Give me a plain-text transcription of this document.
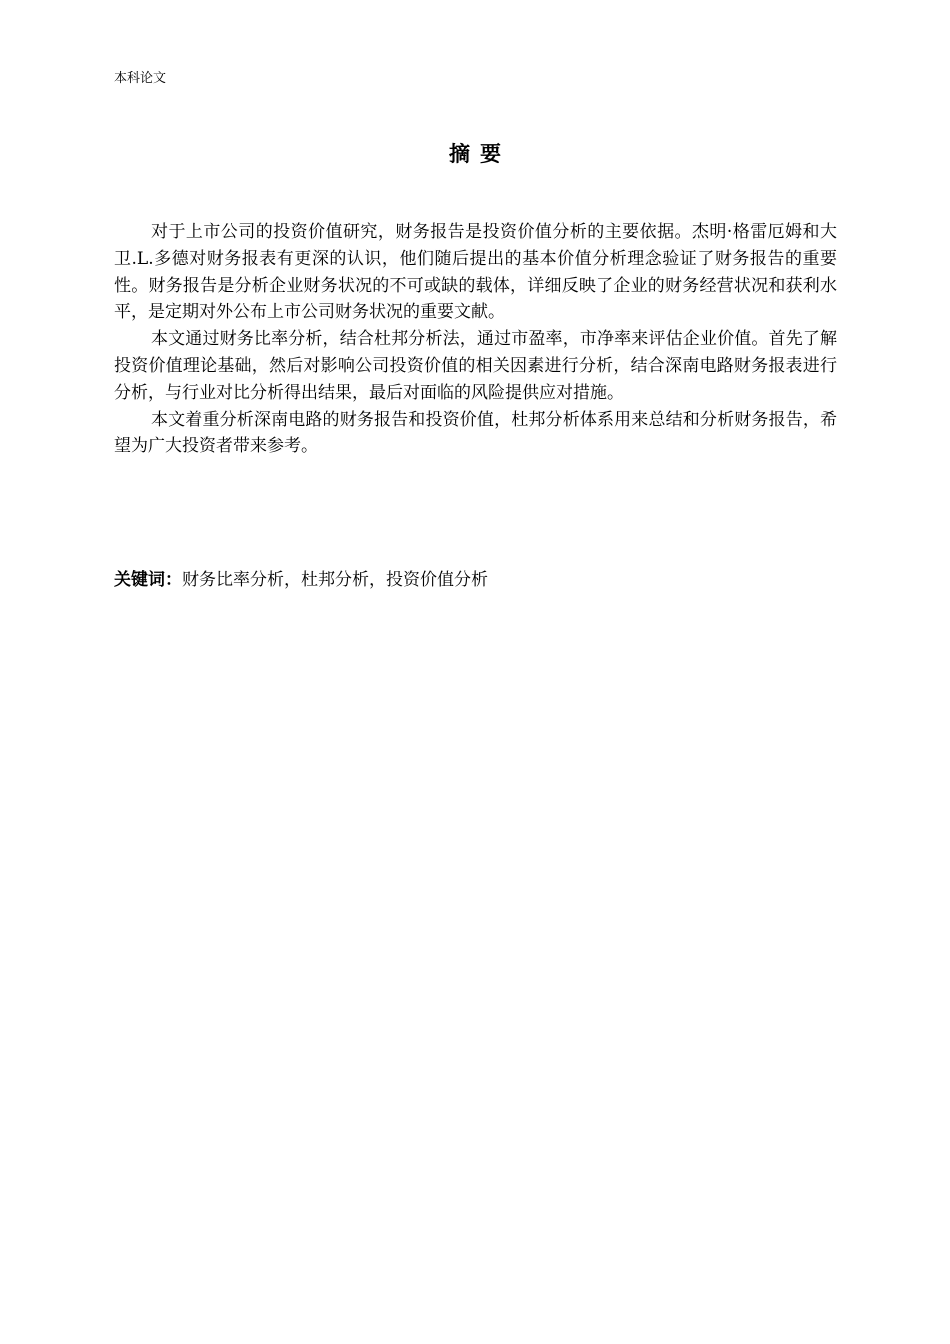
本科论文
摘要

对于上市公司的投资价值研究，财务报告是投资价值分析的主要依据。杰明·格雷厄姆和大卫.L.多德对财务报表有更深的认识，他们随后提出的基本价值分析理念验证了财务报告的重要性。财务报告是分析企业财务状况的不可或缺的载体，详细反映了企业的财务经营状况和获利水平，是定期对外公布上市公司财务状况的重要文献。

本文通过财务比率分析，结合杜邦分析法，通过市盈率，市净率来评估企业价值。首先了解投资价值理论基础，然后对影响公司投资价值的相关因素进行分析，结合深南电路财务报表进行分析，与行业对比分析得出结果，最后对面临的风险提供应对措施。

本文着重分析深南电路的财务报告和投资价值，杜邦分析体系用来总结和分析财务报告，希望为广大投资者带来参考。

关键词：财务比率分析，杜邦分析，投资价值分析
